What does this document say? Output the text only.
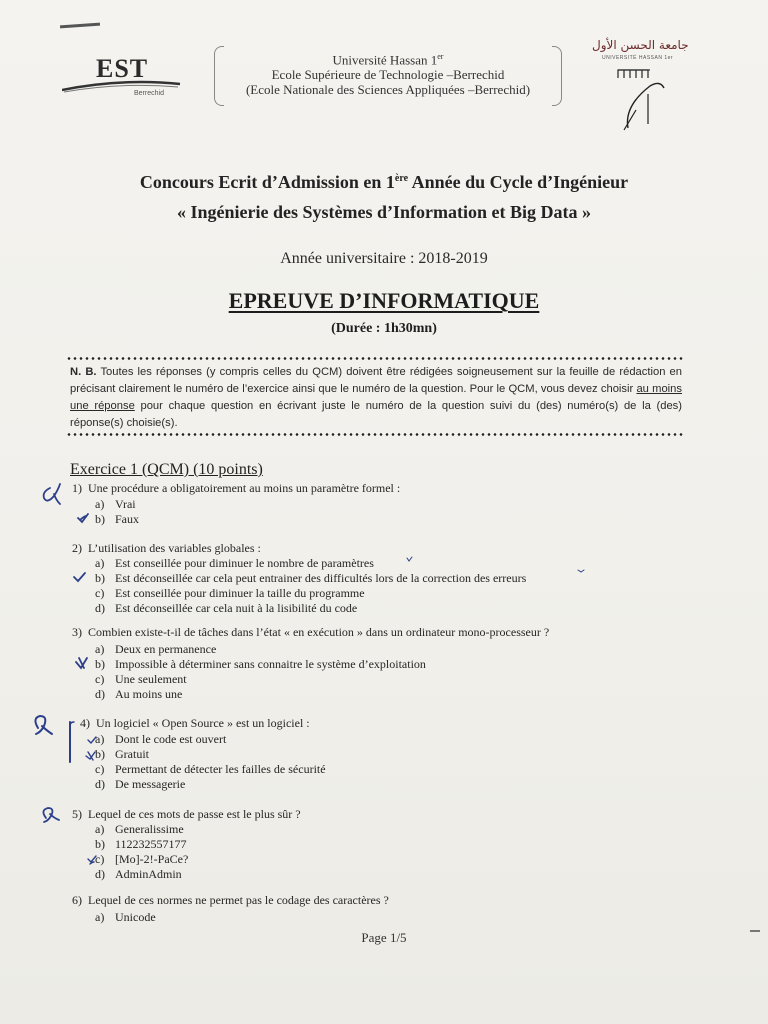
EST
Berrechid
Université Hassan 1er
Ecole Supérieure de Technologie –Berrechid
(Ecole Nationale des Sciences Appliquées –Berrechid)
جامعة الحسن الأول
UNIVERSITÉ HASSAN 1er
Concours Ecrit d’Admission en 1ère Année du Cycle d’Ingénieur
« Ingénierie des Systèmes d’Information et Big Data »
Année universitaire : 2018-2019
EPREUVE D’INFORMATIQUE
(Durée : 1h30mn)
N. B. Toutes les réponses (y compris celles du QCM) doivent être rédigées soigneusement sur la feuille de rédaction en précisant clairement le numéro de l’exercice ainsi que le numéro de la question. Pour le QCM, vous devez choisir au moins une réponse pour chaque question en écrivant juste le numéro de la question suivi du (des) numéro(s) de la (des) réponse(s) choisie(s).
Exercice 1 (QCM) (10 points)
1) Une procédure a obligatoirement au moins un paramètre formel :
a) Vrai
b) Faux
2) L’utilisation des variables globales :
a) Est conseillée pour diminuer le nombre de paramètres
b) Est déconseillée car cela peut entrainer des difficultés lors de la correction des erreurs
c) Est conseillée pour diminuer la taille du programme
d) Est déconseillée car cela nuit à la lisibilité du code
3) Combien existe-t-il de tâches dans l’état « en exécution » dans un ordinateur mono-processeur ?
a) Deux en permanence
b) Impossible à déterminer sans connaitre le système d’exploitation
c) Une seulement
d) Au moins une
4) Un logiciel « Open Source » est un logiciel :
a) Dont le code est ouvert
b) Gratuit
c) Permettant de détecter les failles de sécurité
d) De messagerie
5) Lequel de ces mots de passe est le plus sûr ?
a) Generalissime
b) 112232557177
c) [Mo]-2!-PaCe?
d) AdminAdmin
6) Lequel de ces normes ne permet pas le codage des caractères ?
a) Unicode
Page 1/5
